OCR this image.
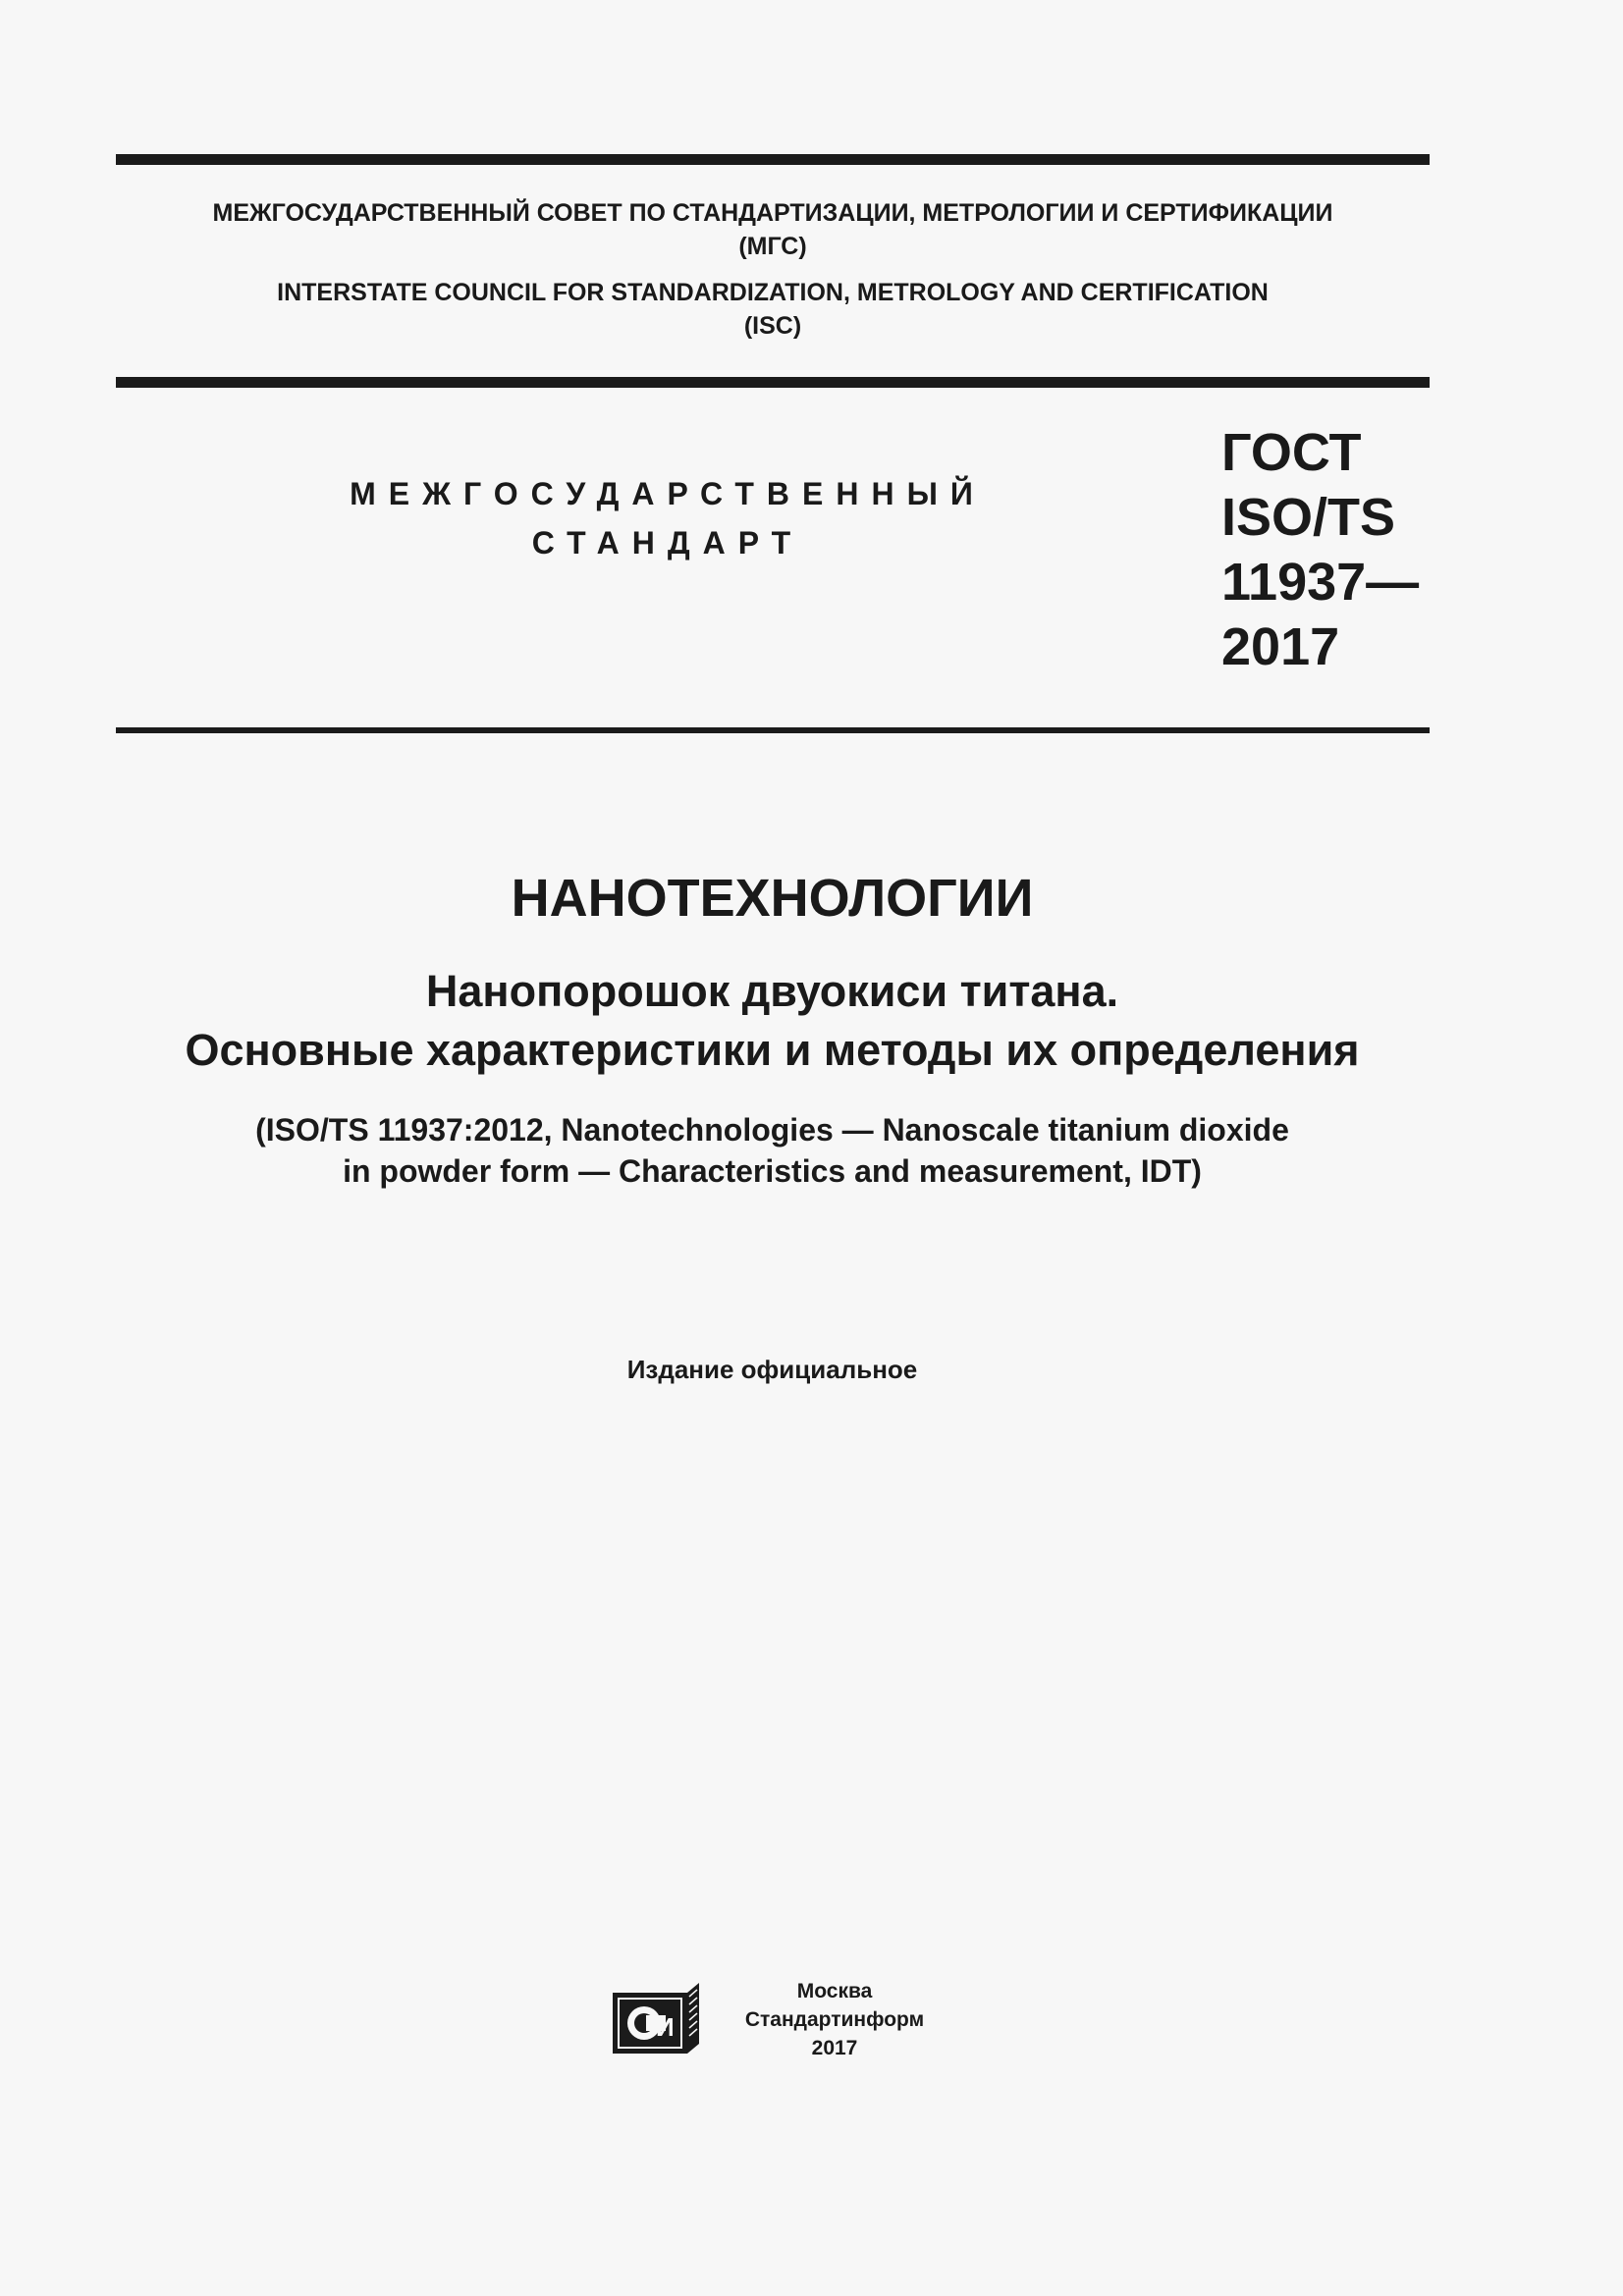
МЕЖГОСУДАРСТВЕННЫЙ СОВЕТ ПО СТАНДАРТИЗАЦИИ, МЕТРОЛОГИИ И СЕРТИФИКАЦИИ
(МГС)
INTERSTATE COUNCIL FOR STANDARDIZATION, METROLOGY AND CERTIFICATION
(ISC)
МЕЖГОСУДАРСТВЕННЫЙ
СТАНДАРТ
ГОСТ
ISO/TS
11937—
2017
НАНОТЕХНОЛОГИИ
Нанопорошок двуокиси титана.
Основные характеристики и методы их определения
(ISO/TS 11937:2012, Nanotechnologies — Nanoscale titanium dioxide
in powder form — Characteristics and measurement, IDT)
Издание официальное
И
Москва
Стандартинформ
2017
